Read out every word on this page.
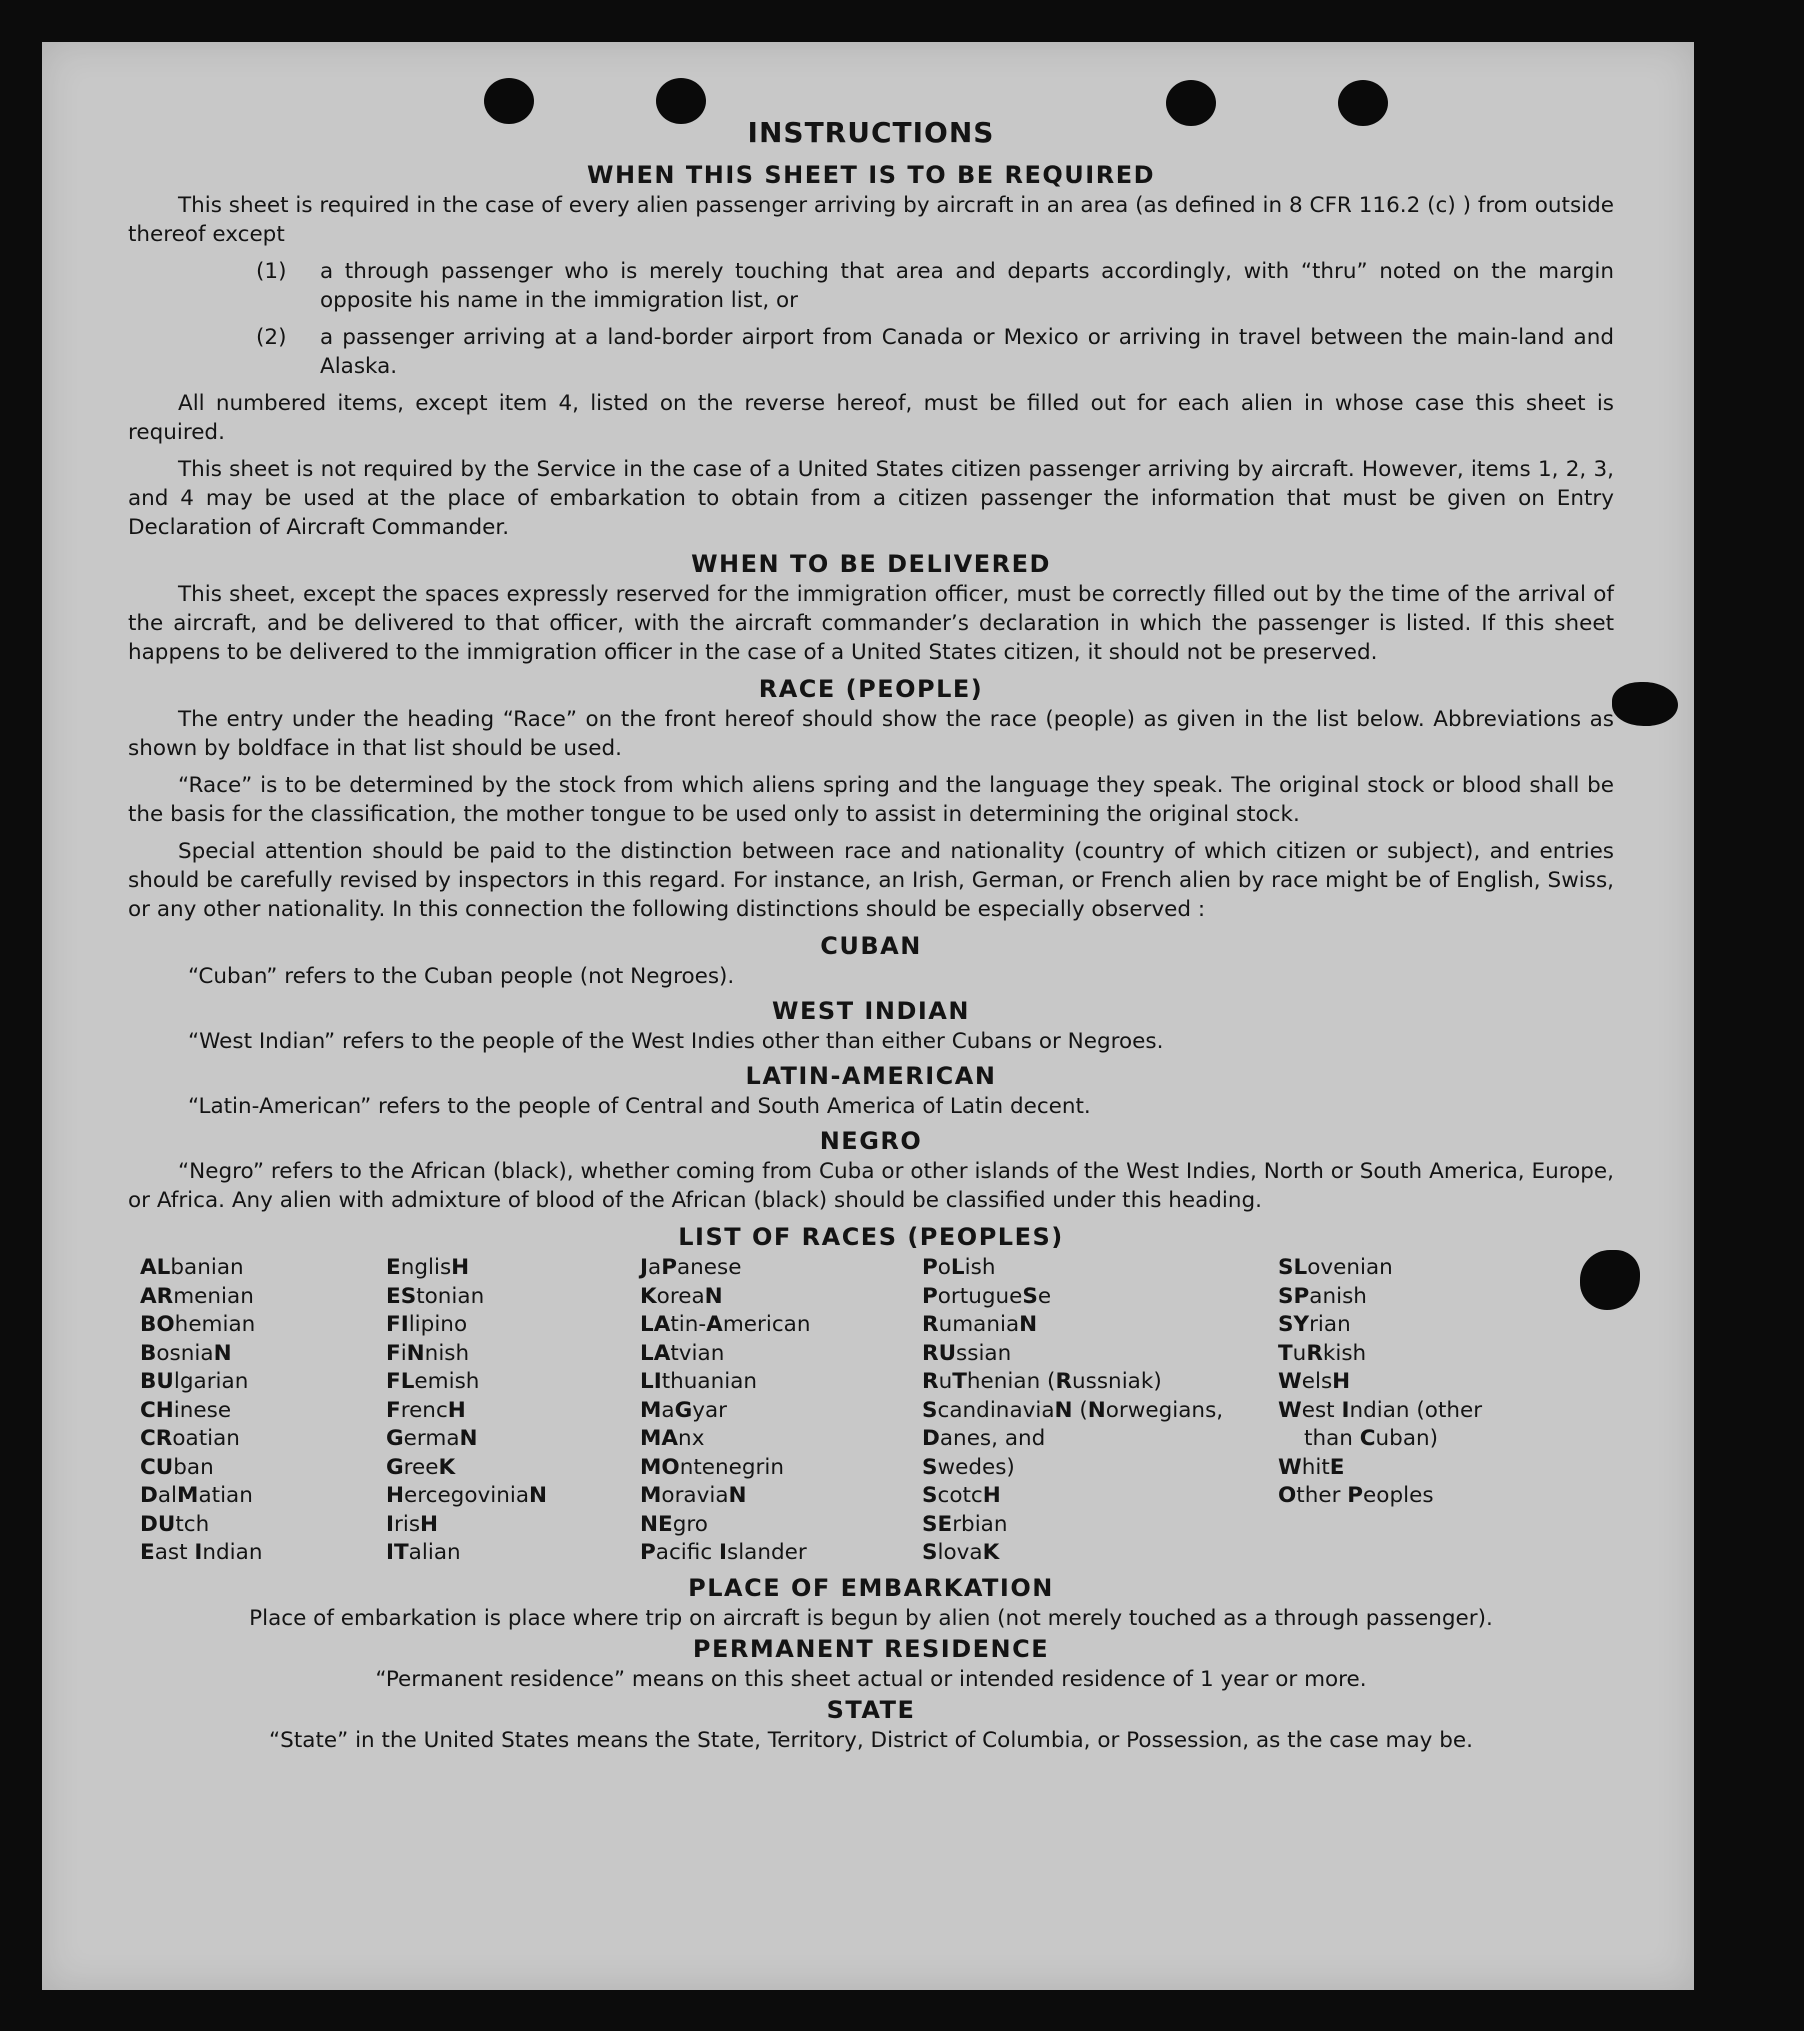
INSTRUCTIONS
WHEN THIS SHEET IS TO BE REQUIRED

This sheet is required in the case of every alien passenger arriving by aircraft in an area (as defined in 8 CFR 116.2 (c) ) from outside thereof except

(1)	a through passenger who is merely touching that area and departs accordingly, with “thru” noted on the margin opposite his name in the immigration list, or
(2)	a passenger arriving at a land-border airport from Canada or Mexico or arriving in travel between the main-land and Alaska.

All numbered items, except item 4, listed on the reverse hereof, must be filled out for each alien in whose case this sheet is required.

This sheet is not required by the Service in the case of a United States citizen passenger arriving by aircraft. However, items 1, 2, 3, and 4 may be used at the place of embarkation to obtain from a citizen passenger the information that must be given on Entry Declaration of Aircraft Commander.

WHEN TO BE DELIVERED

This sheet, except the spaces expressly reserved for the immigration officer, must be correctly filled out by the time of the arrival of the aircraft, and be delivered to that officer, with the aircraft commander’s declaration in which the passenger is listed. If this sheet happens to be delivered to the immigration officer in the case of a United States citizen, it should not be preserved.

RACE (PEOPLE)

The entry under the heading “Race” on the front hereof should show the race (people) as given in the list below. Abbreviations as shown by boldface in that list should be used.

“Race” is to be determined by the stock from which aliens spring and the language they speak. The original stock or blood shall be the basis for the classification, the mother tongue to be used only to assist in determining the original stock.

Special attention should be paid to the distinction between race and nationality (country of which citizen or subject), and entries should be carefully revised by inspectors in this regard. For instance, an Irish, German, or French alien by race might be of English, Swiss, or any other nationality. In this connection the following distinctions should be especially observed :

CUBAN
“Cuban” refers to the Cuban people (not Negroes).
WEST INDIAN
“West Indian” refers to the people of the West Indies other than either Cubans or Negroes.
LATIN-AMERICAN
“Latin-American” refers to the people of Central and South America of Latin decent.
NEGRO

“Negro” refers to the African (black), whether coming from Cuba or other islands of the West Indies, North or South America, Europe, or Africa. Any alien with admixture of blood of the African (black) should be classified under this heading.

LIST OF RACES (PEOPLES)
ALbanian
ARmenian
BOhemian
BosniaN
BUlgarian
CHinese
CRoatian
CUban
DalMatian
DUtch
East Indian
EnglisH
EStonian
FIlipino
FiNnish
FLemish
FrencH
GermaN
GreeK
HercegoviniaN
IrisH
ITalian
JaPanese
KoreaN
LAtin-American
LAtvian
LIthuanian
MaGyar
MAnx
MOntenegrin
MoraviaN
NEgro
Pacifc Islander
PoLish
PortugueSe
RumaniaN
RUssian
RuThenian (Russniak)
ScandinaviaN (Norwegians,
Danes, and
Swedes)
ScotcH
SErbian
SlovaK
SLovenian
SPanish
SYrian
TuRkish
WelsH
West Indian (other
than Cuban)
WhitE
Other Peoples
PLACE OF EMBARKATION
Place of embarkation is place where trip on aircraft is begun by alien (not merely touched as a through passenger).
PERMANENT RESIDENCE
“Permanent residence” means on this sheet actual or intended residence of 1 year or more.
STATE
“State” in the United States means the State, Territory, District of Columbia, or Possession, as the case may be.
